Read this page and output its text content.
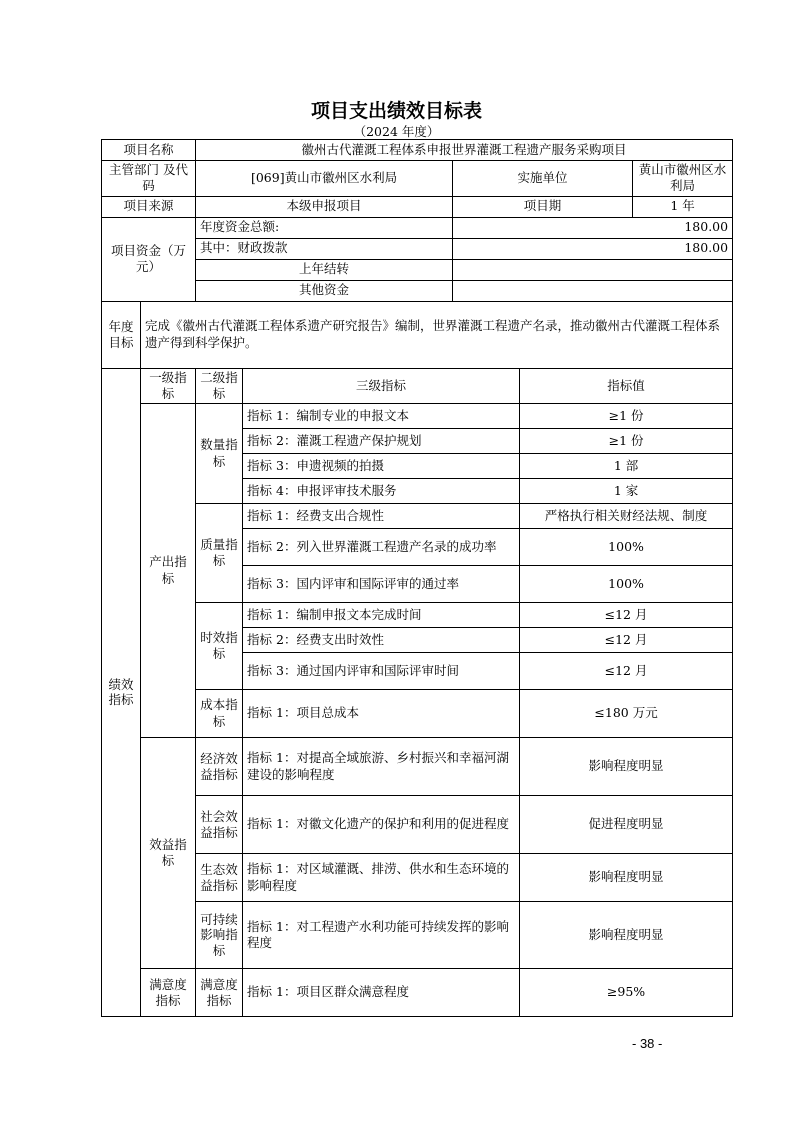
项目支出绩效目标表
（2024 年度）
项目名称		徽州古代灌溉工程体系申报世界灌溉工程遗产服务采购项目				
主管部门 及代码		[069]黄山市徽州区水利局		实施单位		黄山市徽州区水利局
项目来源		本级申报项目		项目期		1 年
项目资金（万元）		年度资金总额:		180.00		
		其中：财政拨款		180.00		
		上年结转				
		其他资金				
年度目标	完成《徽州古代灌溉工程体系遗产研究报告》编制，世界灌溉工程遗产名录，推动徽州古代灌溉工程体系遗产得到科学保护。					
绩效指标	一级指标	二级指标	三级指标		指标值	
	产出指标	数量指标	指标 1：编制专业的申报文本		≥1 份	
			指标 2：灌溉工程遗产保护规划		≥1 份	
			指标 3：申遗视频的拍摄		1 部	
			指标 4：申报评审技术服务		1 家	
		质量指标	指标 1：经费支出合规性		严格执行相关财经法规、制度	
			指标 2：列入世界灌溉工程遗产名录的成功率		100%	
			指标 3：国内评审和国际评审的通过率		100%	
		时效指标	指标 1：编制申报文本完成时间		≤12 月	
			指标 2：经费支出时效性		≤12 月	
			指标 3：通过国内评审和国际评审时间		≤12 月	
		成本指标	指标 1：项目总成本		≤180 万元	
	效益指标	经济效益指标	指标 1：对提高全域旅游、乡村振兴和幸福河湖建设的影响程度		影响程度明显	
		社会效益指标	指标 1：对徽文化遗产的保护和利用的促进程度		促进程度明显	
		生态效益指标	指标 1：对区域灌溉、排涝、供水和生态环境的影响程度		影响程度明显	
		可持续影响指标	指标 1：对工程遗产水利功能可持续发挥的影响程度		影响程度明显	
	满意度指标	满意度指标	指标 1：项目区群众满意程度		≥95%	
- 38 -
